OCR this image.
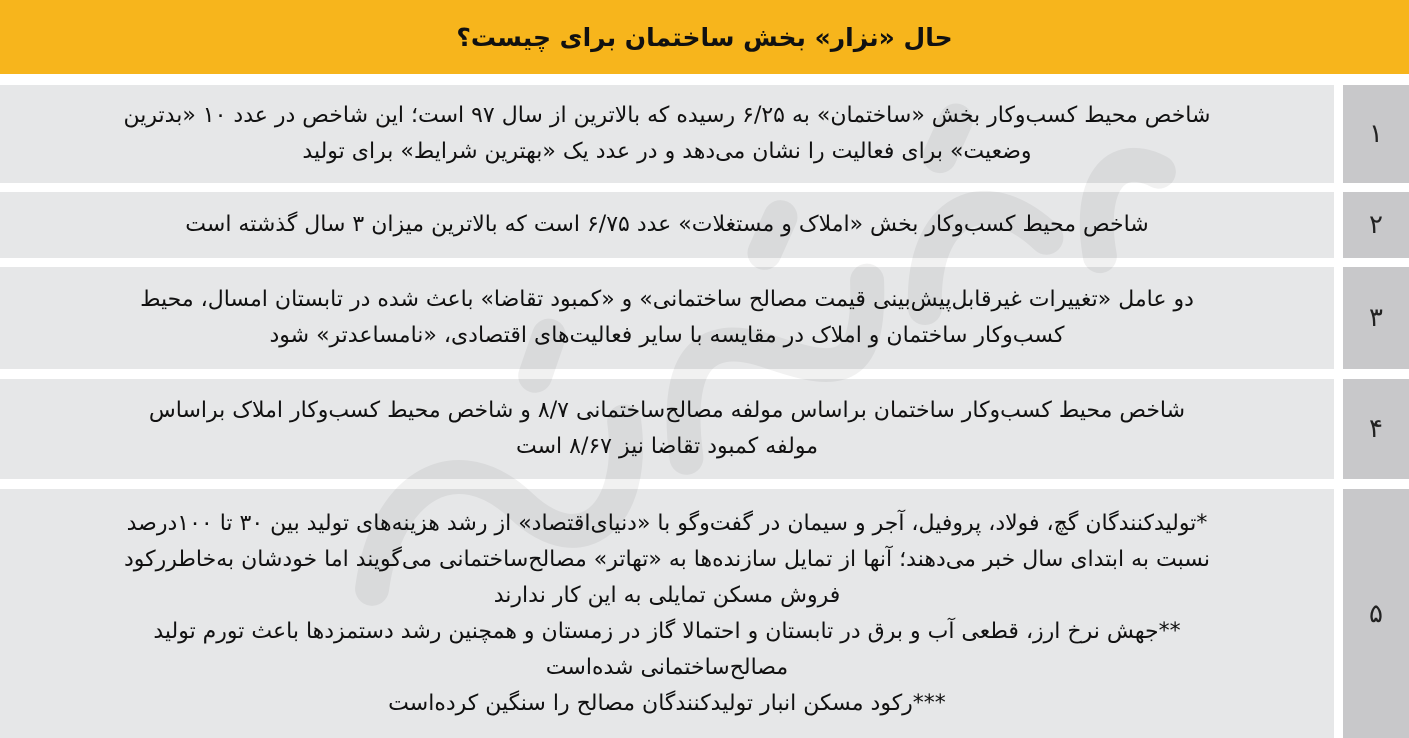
حال «نزار» بخش ساختمان برای چیست؟
شاخص محیط کسب‌وکار بخش «ساختمان» به ۶/۲۵ رسیده که بالاترین از سال ۹۷ است؛ این شاخص در عدد ۱۰ «بدترین
وضعیت» برای فعالیت را نشان می‌دهد و در عدد یک «بهترین شرایط» برای تولید
۱
شاخص محیط کسب‌وکار بخش «املاک و مستغلات» عدد ۶/۷۵ است که بالاترین میزان ۳ سال گذشته است	۲
دو عامل «تغییرات غیرقابل‌پیش‌بینی قیمت مصالح ساختمانی» و «کمبود تقاضا» باعث شده در تابستان امسال، محیط
کسب‌وکار ساختمان و املاک در مقایسه با سایر فعالیت‌های اقتصادی، «نامساعدتر» شود
۳
شاخص محیط کسب‌وکار ساختمان براساس مولفه مصالح‌ساختمانی ۸/۷ و شاخص محیط کسب‌وکار املاک براساس
مولفه کمبود تقاضا نیز ۸/۶۷ است
۴
*تولیدکنندگان گچ، فولاد، پروفیل، آجر و سیمان در گفت‌وگو با «دنیای‌اقتصاد» از رشد هزینه‌های تولید بین ۳۰ تا ۱۰۰درصد
نسبت به ابتدای سال خبر می‌دهند؛ آنها از تمایل سازنده‌ها به «تهاتر» مصالح‌ساختمانی می‌گویند اما خودشان به‌خاطر‌رکود
فروش مسکن تمایلی به این کار ندارند
**جهش نرخ ارز، قطعی آب و برق در تابستان و احتمالا گاز در زمستان و همچنین رشد دستمزدها باعث تورم تولید
مصالح‌ساختمانی شده‌است
***رکود مسکن انبار تولیدکنندگان مصالح را سنگین کرده‌است
۵
